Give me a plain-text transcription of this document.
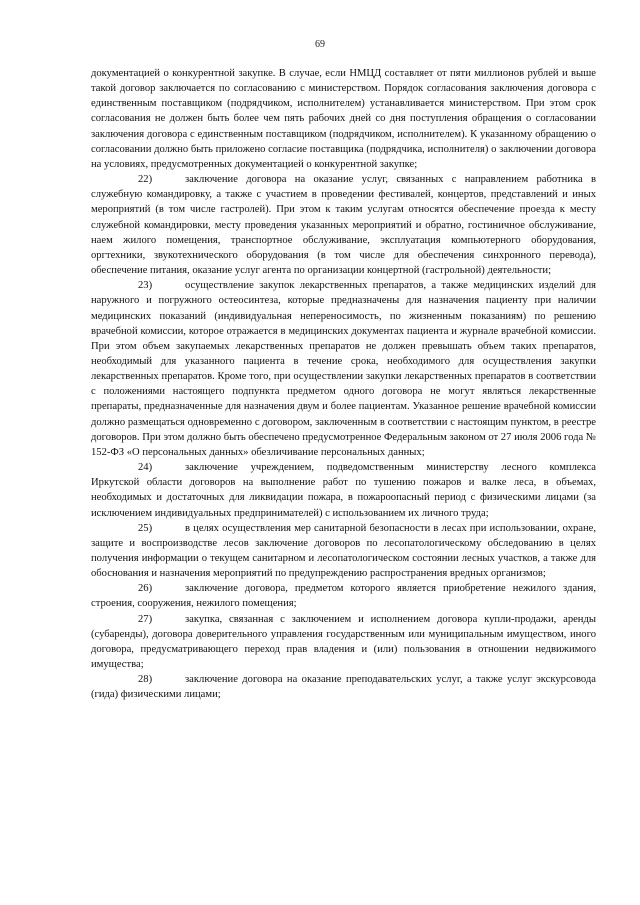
69

документацией о конкурентной закупке. В случае, если НМЦД составляет от пяти миллионов рублей и выше такой договор заключается по согласованию с министерством. Порядок согласования заключения договора с единственным поставщиком (подрядчиком, исполнителем) устанавливается министерством. При этом срок согласования не должен быть более чем пять рабочих дней со дня поступления обращения о согласовании заключения договора с единственным поставщиком (подрядчиком, исполнителем). К указанному обращению о согласовании должно быть приложено согласие поставщика (подрядчика, исполнителя) о заключении договора на условиях, предусмотренных документацией о конкурентной закупке;

22)	заключение договора на оказание услуг, связанных с направлением работника в служебную командировку, а также с участием в проведении фестивалей, концертов, представлений и иных мероприятий (в том числе гастролей). При этом к таким услугам относятся обеспечение проезда к месту служебной командировки, месту проведения указанных мероприятий и обратно, гостиничное обслуживание, наем жилого помещения, транспортное обслуживание, эксплуатация компьютерного оборудования, оргтехники, звукотехнического оборудования (в том числе для обеспечения синхронного перевода), обеспечение питания, оказание услуг агента по организации концертной (гастрольной) деятельности;

23)	осуществление закупок лекарственных препаратов, а также медицинских изделий для наружного и погружного остеосинтеза, которые предназначены для назначения пациенту при наличии медицинских показаний (индивидуальная непереносимость, по жизненным показаниям) по решению врачебной комиссии, которое отражается в медицинских документах пациента и журнале врачебной комиссии. При этом объем закупаемых лекарственных препаратов не должен превышать объем таких препаратов, необходимый для указанного пациента в течение срока, необходимого для осуществления закупки лекарственных препаратов. Кроме того, при осуществлении закупки лекарственных препаратов в соответствии с положениями настоящего подпункта предметом одного договора не могут являться лекарственные препараты, предназначенные для назначения двум и более пациентам. Указанное решение врачебной комиссии должно размещаться одновременно с договором, заключенным в соответствии с настоящим пунктом, в реестре договоров. При этом должно быть обеспечено предусмотренное Федеральным законом от 27 июля 2006 года № 152-ФЗ «О персональных данных» обезличивание персональных данных;

24)	заключение учреждением, подведомственным министерству лесного комплекса Иркутской области договоров на выполнение работ по тушению пожаров и валке леса, в объемах, необходимых и достаточных для ликвидации пожара, в пожароопасный период с физическими лицами (за исключением индивидуальных предпринимателей) с использованием их личного труда;

25)	в целях осуществления мер санитарной безопасности в лесах при использовании, охране, защите и воспроизводстве лесов заключение договоров по лесопатологическому обследованию в целях получения информации о текущем санитарном и лесопатологическом состоянии лесных участков, а также для обоснования и назначения мероприятий по предупреждению распространения вредных организмов;

26)	заключение договора, предметом которого является приобретение нежилого здания, строения, сооружения, нежилого помещения;

27)	закупка, связанная с заключением и исполнением договора купли-продажи, аренды (субаренды), договора доверительного управления государственным или муниципальным имуществом, иного договора, предусматривающего переход прав владения и (или) пользования в отношении недвижимого имущества;

28)	заключение договора на оказание преподавательских услуг, а также услуг экскурсовода (гида) физическими лицами;
